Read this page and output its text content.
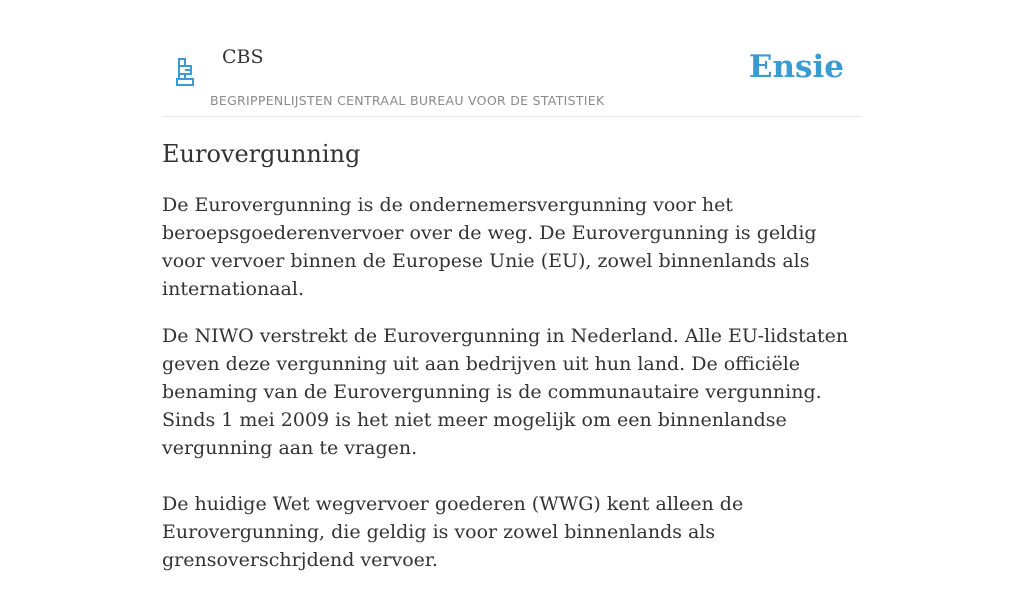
CBS

BEGRIPPENLIJSTEN CENTRAAL BUREAU VOOR DE STATISTIEK

Ensie

Eurovergunning

De Eurovergunning is de ondernemersvergunning voor het beroepsgoederenvervoer over de weg. De Eurovergunning is geldig voor vervoer binnen de Europese Unie (EU), zowel binnenlands als internationaal.

De NIWO verstrekt de Eurovergunning in Nederland. Alle EU-lidstaten geven deze vergunning uit aan bedrijven uit hun land. De officiële benaming van de Eurovergunning is de communautaire vergunning. Sinds 1 mei 2009 is het niet meer mogelijk om een binnenlandse vergunning aan te vragen.

De huidige Wet wegvervoer goederen (WWG) kent alleen de Eurovergunning, die geldig is voor zowel binnenlands als grensoverschrjdend vervoer.
